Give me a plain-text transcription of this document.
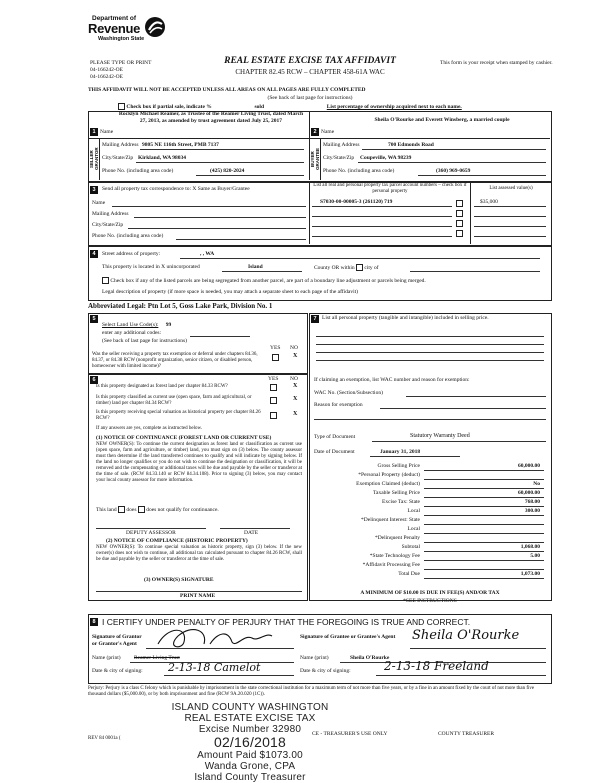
Department of
Revenue
Washington State
PLEASE TYPE OR PRINT
04-166242-OE
04-166242-OE
REAL ESTATE EXCISE TAX AFFIDAVIT
CHAPTER 82.45 RCW – CHAPTER 458-61A WAC
This form is your receipt when stamped by cashier.
THIS AFFIDAVIT WILL NOT BE ACCEPTED UNLESS ALL AREAS ON ALL PAGES ARE FULLY COMPLETED
(See back of last page for instructions)
Check box if partial sale, indicate %	sold	List percentage of ownership acquired next to each name.
1 Name
Rocklyn Michael Reamer, as Trustee of the Reamer Living Trust, dated March 27, 2013, as amended by trust agreement dated July 25, 2017
SELLER GRANTOR
Mailing Address 9805 NE 116th Street, PMB 7137
City/State/Zip Kirkland, WA 98034
Phone No. (including area code)	(425) 820-2024
2 Name
Sheila O'Rourke and Everett Winsberg, a married couple
BUYER GRANTEE
Mailing Address	700 Edmonds Road
City/State/Zip Coupeville, WA 98239
Phone No. (including area code)	(360) 969-0659
3	Send all property tax correspondence to: X Same as Buyer/Grantee
Name
Mailing Address
City/State/Zip
Phone No. (including area code)
List all real and personal property tax parcel account numbers – check box if personal property
List assessed value(s)
S7030-00-00005-3 (261120) 719	$35,000
4	Street address of property:	, , WA
This property is located in X unincorporated	Island	County OR within city of
Check box if any of the listed parcels are being segregated from another parcel, are part of a boundary line adjustment or parcels being merged.
Legal description of property (if more space is needed, you may attach a separate sheet to each page of the affidavit)
Abbreviated Legal: Ptn Lot 5, Goss Lake Park, Division No. 1
5
Select Land Use Code(s): 99
enter any additional codes:
(See back of last page for instructions)
YES NO
Was the seller receiving a property tax exemption or deferral under chapters 84.36, 84.37, or 84.38 RCW (nonprofit organization, senior citizen, or disabled person, homeowner with limited income)?
X
6	YES NO
Is this property designated as forest land per chapter 84.33 RCW?	X
Is this property classified as current use (open space, farm and agricultural, or timber) land per chapter 84.34 RCW?
X
Is this property receiving special valuation as historical property per chapter 84.26 RCW?
X
If any answers are yes, complete as instructed below.
(1) NOTICE OF CONTINUANCE (FOREST LAND OR CURRENT USE)
NEW OWNER(S): To continue the current designation as forest land or classification as current use (open space, farm and agriculture, or timber) land, you must sign on (3) below. The county assessor must then determine if the land transferred continues to qualify and will indicate by signing below. If the land no longer qualifies or you do not wish to continue the designation or classification, it will be removed and the compensating or additional taxes will be due and payable by the seller or transferor at the time of sale. (RCW 84.33.140 or RCW 84.34.108). Prior to signing (3) below, you may contact your local county assessor for more information.
This land does does not qualify for continuance.
DEPUTY ASSESSOR	DATE
(2) NOTICE OF COMPLIANCE (HISTORIC PROPERTY)
NEW OWNER(S): To continue special valuation as historic property, sign (3) below. If the new owner(s) does not wish to continue, all additional tax calculated pursuant to chapter 84.26 RCW, shall be due and payable by the seller or transferor at the time of sale.
(3) OWNER(S) SIGNATURE
PRINT NAME
7 List all personal property (tangible and intangible) included in selling price.
If claiming an exemption, list WAC number and reason for exemption:
WAC No. (Section/Subsection)
Reason for exemption
Type of Document	Statutory Warranty Deed
Date of Document	January 31, 2018
Gross Selling Price	60,000.00
*Personal Property (deduct)
Exemption Claimed (deduct)	No
Taxable Selling Price	60,000.00
Excise Tax: State	768.00
Local	300.00
*Delinquent Interest: State
Local
*Delinquent Penalty
Subtotal	1,068.00
*State Technology Fee	5.00
*Affidavit Processing Fee
Total Due	1,073.00
A MINIMUM OF $10.00 IS DUE IN FEE(S) AND/OR TAX
*SEE INSTRUCTIONS
8 I CERTIFY UNDER PENALTY OF PERJURY THAT THE FOREGOING IS TRUE AND CORRECT.
Signature of Grantor or Grantor's Agent
Name (print) Reamer Living Trust
Date & city of signing: 2-13-18 Camelot
Signature of Grantee or Grantee's Agent	Sheila O'Rourke
Name (print)	Sheila O'Rourke
Date & city of signing:	2-13-18 Freeland
Perjury: Perjury is a class C felony which is punishable by imprisonment in the state correctional institution for a maximum term of not more than five years, or by a fine in an amount fixed by the court of not more than five thousand dollars ($5,000.00), or by both imprisonment and fine (RCW 9A.20.020 (1C)).
ISLAND COUNTY WASHINGTON
REAL ESTATE EXCISE TAX
Excise Number 32980
02/16/2018
Amount Paid $1073.00
Wanda Grone, CPA
Island County Treasurer
REV 84 0001a (
CE - TREASURER'S USE ONLY	COUNTY TREASURER
